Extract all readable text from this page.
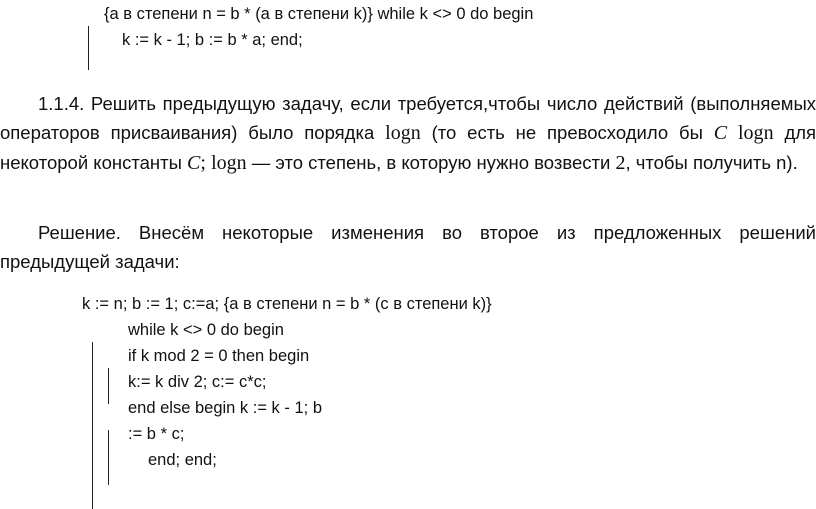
{a в степени n = b * (a в степени k)} while k <> 0 do begin
k := k - 1; b := b * a; end;

1.1.4. Решить предыдущую задачу, если требуется,чтобы число действий (выполняемых операторов присваивания) было порядка logn (то есть не превосходило бы C logn для некоторой константы C; logn — это степень, в которую нужно возвести 2, чтобы получить n).

Решение. Внесём некоторые изменения во второе из предложенных решений предыдущей задачи:

k := n; b := 1; c:=a; {a в степени n = b * (c в степени k)}
while k <> 0 do begin
if k mod 2 = 0 then begin
k:= k div 2; c:= c*c;
end else begin k := k - 1; b
:= b * c;
end; end;
